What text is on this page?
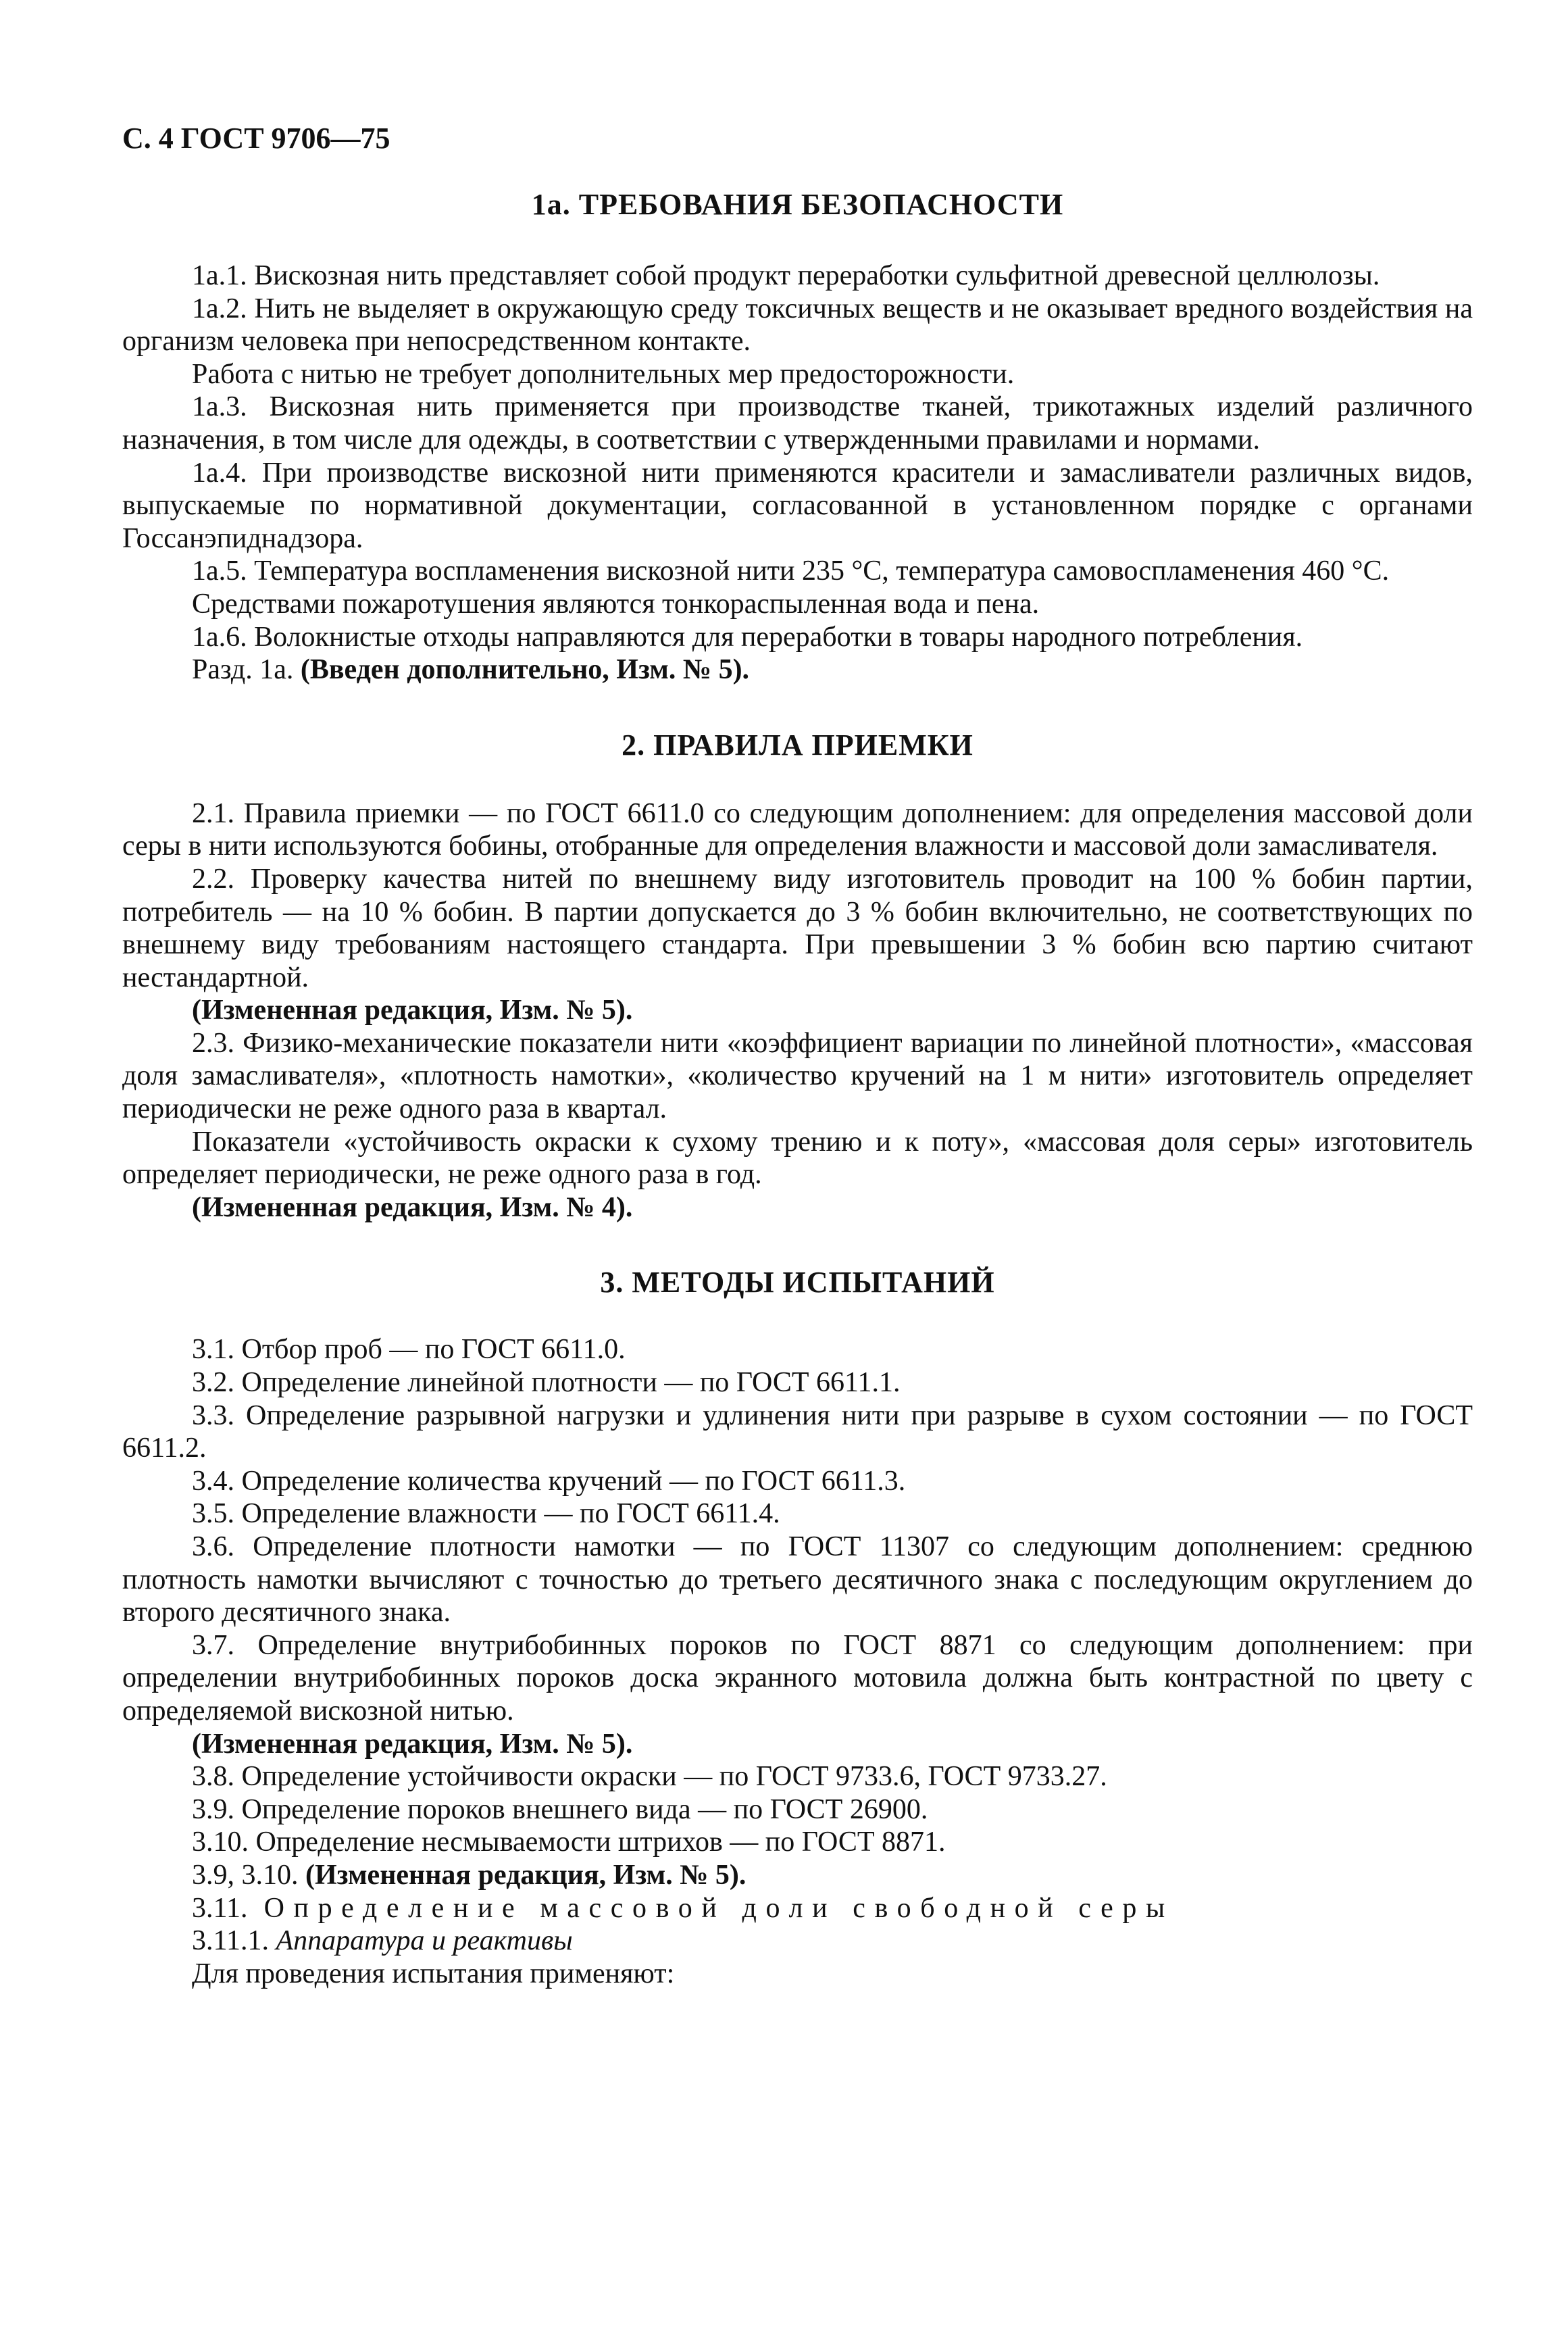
С. 4 ГОСТ 9706—75
1а. ТРЕБОВАНИЯ БЕЗОПАСНОСТИ

1а.1. Вискозная нить представляет собой продукт переработки сульфитной древесной целлюлозы.

1а.2. Нить не выделяет в окружающую среду токсичных веществ и не оказывает вредного воздействия на организм человека при непосредственном контакте.

Работа с нитью не требует дополнительных мер предосторожности.

1а.3. Вискозная нить применяется при производстве тканей, трикотажных изделий различного назначения, в том числе для одежды, в соответствии с утвержденными правилами и нормами.

1а.4. При производстве вискозной нити применяются красители и замасливатели различных видов, выпускаемые по нормативной документации, согласованной в установленном порядке с органами Госсанэпиднадзора.

1а.5. Температура воспламенения вискозной нити 235 °С, температура самовоспламенения 460 °С.

Средствами пожаротушения являются тонкораспыленная вода и пена.

1а.6. Волокнистые отходы направляются для переработки в товары народного потребления.

Разд. 1а. (Введен дополнительно, Изм. № 5).

2. ПРАВИЛА ПРИЕМКИ

2.1. Правила приемки — по ГОСТ 6611.0 со следующим дополнением: для определения массовой доли серы в нити используются бобины, отобранные для определения влажности и массовой доли замасливателя.

2.2. Проверку качества нитей по внешнему виду изготовитель проводит на 100 % бобин партии, потребитель — на 10 % бобин. В партии допускается до 3 % бобин включительно, не соответствующих по внешнему виду требованиям настоящего стандарта. При превышении 3 % бобин всю партию считают нестандартной.

(Измененная редакция, Изм. № 5).

2.3. Физико-механические показатели нити «коэффициент вариации по линейной плотности», «массовая доля замасливателя», «плотность намотки», «количество кручений на 1 м нити» изготовитель определяет периодически не реже одного раза в квартал.

Показатели «устойчивость окраски к сухому трению и к поту», «массовая доля серы» изготовитель определяет периодически, не реже одного раза в год.

(Измененная редакция, Изм. № 4).

3. МЕТОДЫ ИСПЫТАНИЙ

3.1. Отбор проб — по ГОСТ 6611.0.

3.2. Определение линейной плотности — по ГОСТ 6611.1.

3.3. Определение разрывной нагрузки и удлинения нити при разрыве в сухом состоянии — по ГОСТ 6611.2.

3.4. Определение количества кручений — по ГОСТ 6611.3.

3.5. Определение влажности — по ГОСТ 6611.4.

3.6. Определение плотности намотки — по ГОСТ 11307 со следующим дополнением: среднюю плотность намотки вычисляют с точностью до третьего десятичного знака с последующим округлением до второго десятичного знака.

3.7. Определение внутрибобинных пороков по ГОСТ 8871 со следующим дополнением: при определении внутрибобинных пороков доска экранного мотовила должна быть контрастной по цвету с определяемой вискозной нитью.

(Измененная редакция, Изм. № 5).

3.8. Определение устойчивости окраски — по ГОСТ 9733.6, ГОСТ 9733.27.

3.9. Определение пороков внешнего вида — по ГОСТ 26900.

3.10. Определение несмываемости штрихов — по ГОСТ 8871.

3.9, 3.10. (Измененная редакция, Изм. № 5).

3.11. Определение массовой доли свободной серы

3.11.1. Аппаратура и реактивы

Для проведения испытания применяют:
